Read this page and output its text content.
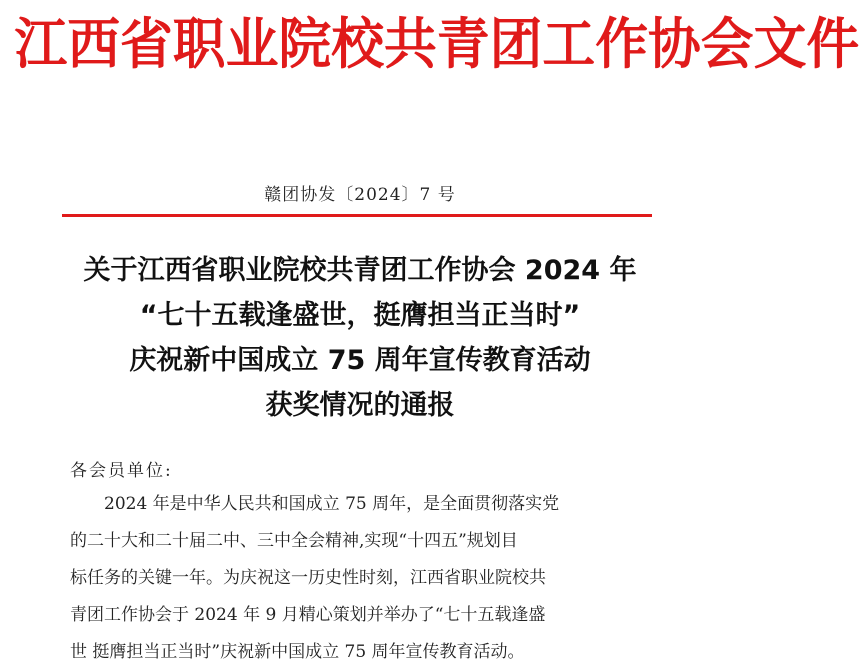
江西省职业院校共青团工作协会文件
赣团协发〔2024〕7 号
关于江西省职业院校共青团工作协会 2024 年
“七十五载逢盛世，挺膺担当正当时”
庆祝新中国成立 75 周年宣传教育活动
获奖情况的通报
各会员单位:
　　2024 年是中华人民共和国成立 75 周年，是全面贯彻落实党
的二十大和二十届二中、三中全会精神,实现“十四五”规划目
标任务的关键一年。为庆祝这一历史性时刻，江西省职业院校共
青团工作协会于 2024 年 9 月精心策划并举办了“七十五载逢盛
世 挺膺担当正当时”庆祝新中国成立 75 周年宣传教育活动。
